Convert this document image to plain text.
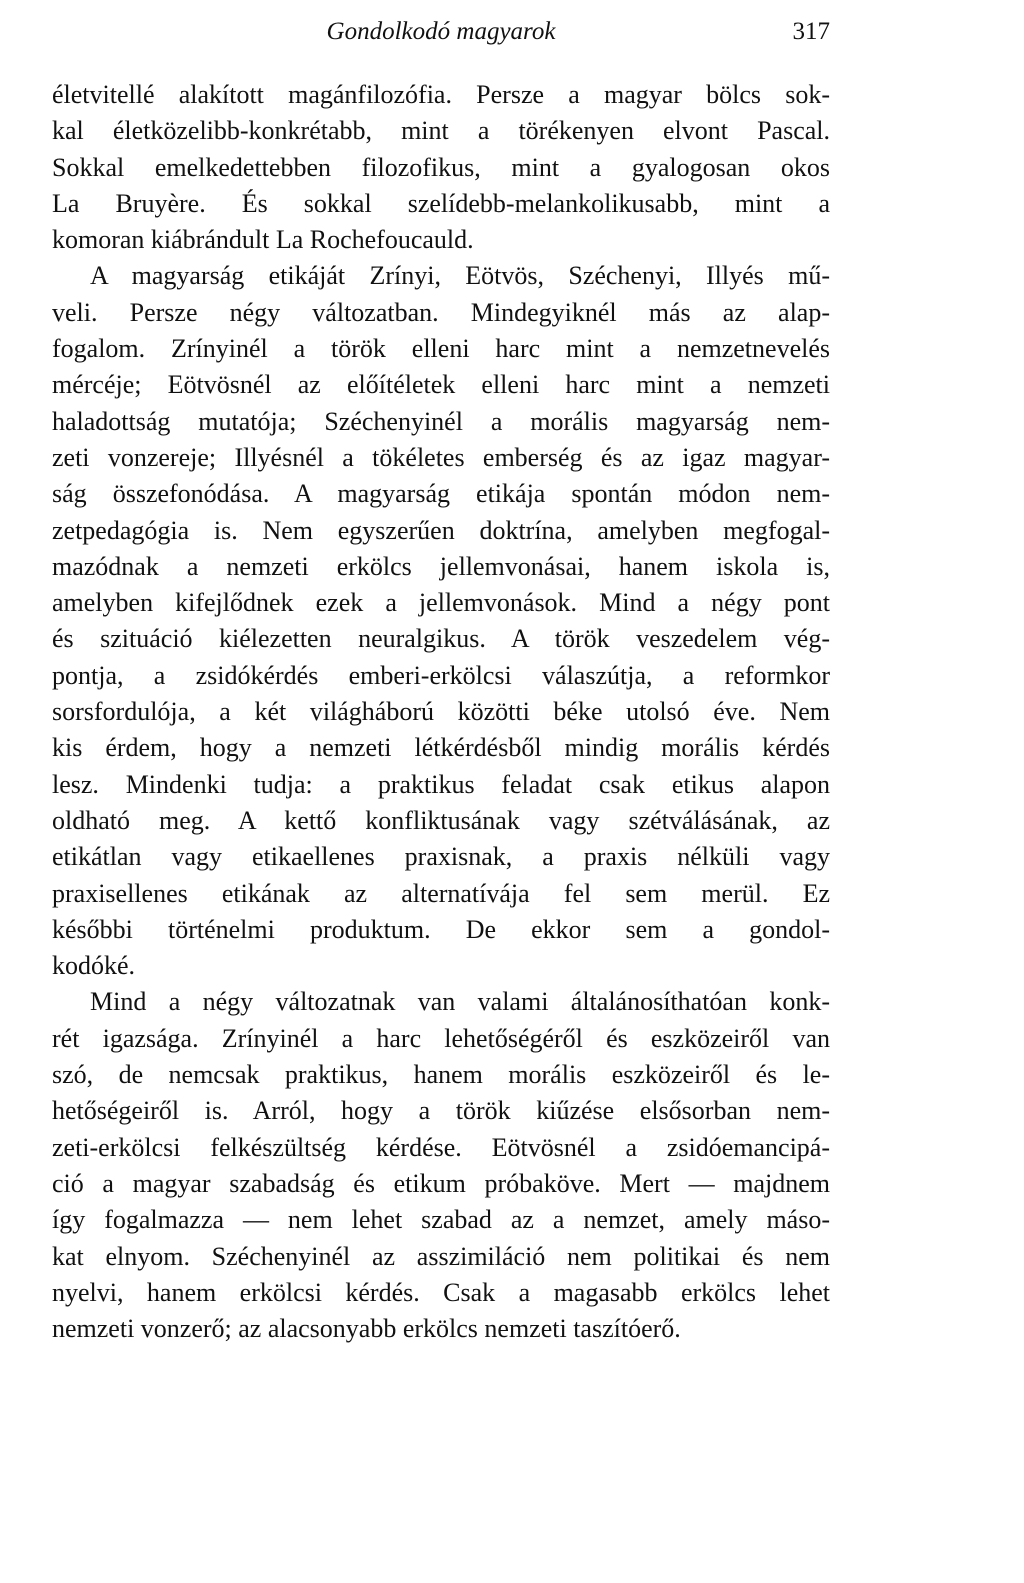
Gondolkodó magyarok	317
életvitellé alakított magánfilozófia. Persze a magyar bölcs sok-
kal életközelibb-konkrétabb, mint a törékenyen elvont Pascal.
Sokkal emelkedettebben filozofikus, mint a gyalogosan okos
La Bruyère. És sokkal szelídebb-melankolikusabb, mint a
komoran kiábrándult La Rochefoucauld.
A magyarság etikáját Zrínyi, Eötvös, Széchenyi, Illyés mű-
veli. Persze négy változatban. Mindegyiknél más az alap-
fogalom. Zrínyinél a török elleni harc mint a nemzetnevelés
mércéje; Eötvösnél az előítéletek elleni harc mint a nemzeti
haladottság mutatója; Széchenyinél a morális magyarság nem-
zeti vonzereje; Illyésnél a tökéletes emberség és az igaz magyar-
ság összefonódása. A magyarság etikája spontán módon nem-
zetpedagógia is. Nem egyszerűen doktrína, amelyben megfogal-
mazódnak a nemzeti erkölcs jellemvonásai, hanem iskola is,
amelyben kifejlődnek ezek a jellemvonások. Mind a négy pont
és szituáció kiélezetten neuralgikus. A török veszedelem vég-
pontja, a zsidókérdés emberi-erkölcsi válaszútja, a reformkor
sorsfordulója, a két világháború közötti béke utolsó éve. Nem
kis érdem, hogy a nemzeti létkérdésből mindig morális kérdés
lesz. Mindenki tudja: a praktikus feladat csak etikus alapon
oldható meg. A kettő konfliktusának vagy szétválásának, az
etikátlan vagy etikaellenes praxisnak, a praxis nélküli vagy
praxisellenes etikának az alternatívája fel sem merül. Ez
későbbi történelmi produktum. De ekkor sem a gondol-
kodóké.
Mind a négy változatnak van valami általánosíthatóan konk-
rét igazsága. Zrínyinél a harc lehetőségéről és eszközeiről van
szó, de nemcsak praktikus, hanem morális eszközeiről és le-
hetőségeiről is. Arról, hogy a török kiűzése elsősorban nem-
zeti-erkölcsi felkészültség kérdése. Eötvösnél a zsidóemancipá-
ció a magyar szabadság és etikum próbaköve. Mert — majdnem
így fogalmazza — nem lehet szabad az a nemzet, amely máso-
kat elnyom. Széchenyinél az asszimiláció nem politikai és nem
nyelvi, hanem erkölcsi kérdés. Csak a magasabb erkölcs lehet
nemzeti vonzerő; az alacsonyabb erkölcs nemzeti taszítóerő.
